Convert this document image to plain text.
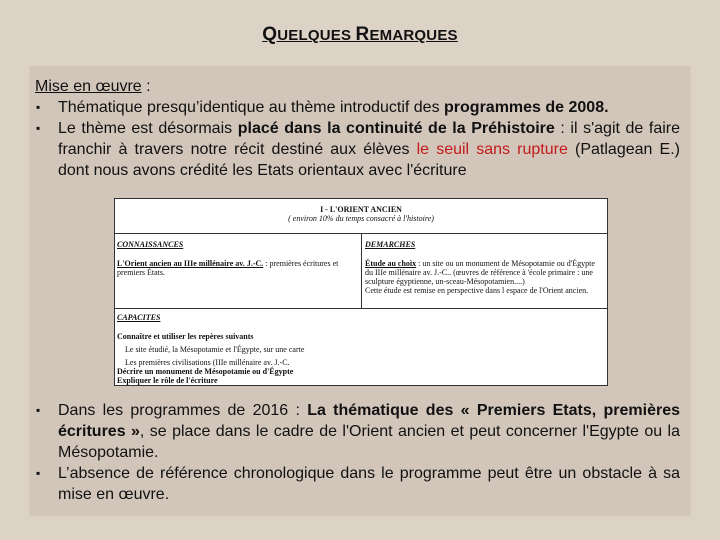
QUELQUES REMARQUES
Mise en œuvre :
▪ Thématique presqu’identique au thème introductif des programmes de 2008.
▪ Le thème est désormais placé dans la continuité de la Préhistoire : il s'agit de faire franchir à travers notre récit destiné aux élèves le seuil sans rupture (Patlagean E.) dont nous avons crédité les Etats orientaux avec l'écriture
I - L'ORIENT ANCIEN
( environ 10% du temps consacré à l'histoire)
CONNAISSANCES
L'Orient ancien au IIIe millénaire av. J.-C. : premières écritures et premiers États.
DEMARCHES
Étude au choix : un site ou un monument de Mésopotamie ou d'Égypte du IIIe millénaire av. J.-C.. (œuvres de référence à 'école primaire : une sculpture égyptienne, un-sceau-Mésopotamien....)
Cette étude est remise en perspective dans l espace de l'Orient ancien.
CAPACITES
Connaître et utiliser les repères suivants
Le site étudié, la Mésopotamie et l'Égypte, sur une carte
Les premières civilisations (IIIe millénaire av. J.-C.
Décrire un monument de Mésopotamie ou d'Égypte
Expliquer le rôle de l'écriture
▪ Dans les programmes de 2016 : La thématique des « Premiers Etats, premières écritures », se place dans le cadre de l'Orient ancien et peut concerner l'Egypte ou la Mésopotamie.
▪ L’absence de référence chronologique dans le programme peut être un obstacle à sa mise en œuvre.
